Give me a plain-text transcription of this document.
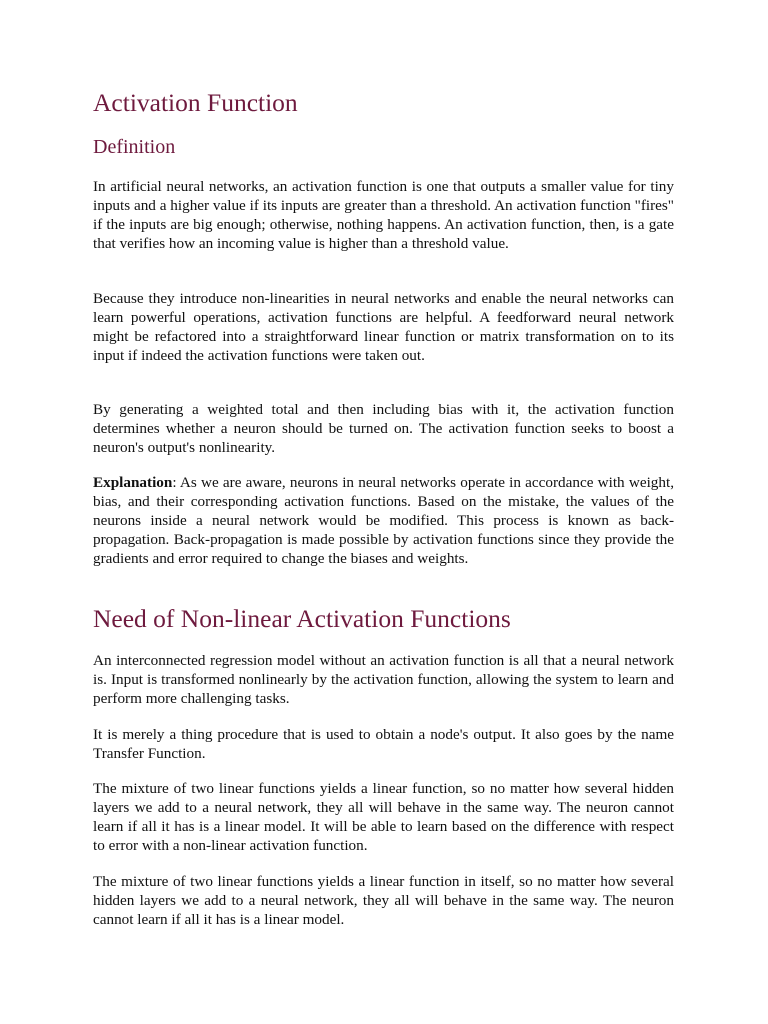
Activation Function
Definition

In artificial neural networks, an activation function is one that outputs a smaller value for tiny inputs and a higher value if its inputs are greater than a threshold. An activation function "fires" if the inputs are big enough; otherwise, nothing happens. An activation function, then, is a gate that verifies how an incoming value is higher than a threshold value.

Because they introduce non-linearities in neural networks and enable the neural networks can learn powerful operations, activation functions are helpful. A feedforward neural network might be refactored into a straightforward linear function or matrix transformation on to its input if indeed the activation functions were taken out.

By generating a weighted total and then including bias with it, the activation function determines whether a neuron should be turned on. The activation function seeks to boost a neuron's output's nonlinearity.

Explanation: As we are aware, neurons in neural networks operate in accordance with weight, bias, and their corresponding activation functions. Based on the mistake, the values of the neurons inside a neural network would be modified. This process is known as back-propagation. Back-propagation is made possible by activation functions since they provide the gradients and error required to change the biases and weights.

Need of Non-linear Activation Functions

An interconnected regression model without an activation function is all that a neural network is. Input is transformed nonlinearly by the activation function, allowing the system to learn and perform more challenging tasks.

It is merely a thing procedure that is used to obtain a node's output. It also goes by the name Transfer Function.

The mixture of two linear functions yields a linear function, so no matter how several hidden layers we add to a neural network, they all will behave in the same way. The neuron cannot learn if all it has is a linear model. It will be able to learn based on the difference with respect to error with a non-linear activation function.

The mixture of two linear functions yields a linear function in itself, so no matter how several hidden layers we add to a neural network, they all will behave in the same way. The neuron cannot learn if all it has is a linear model.
